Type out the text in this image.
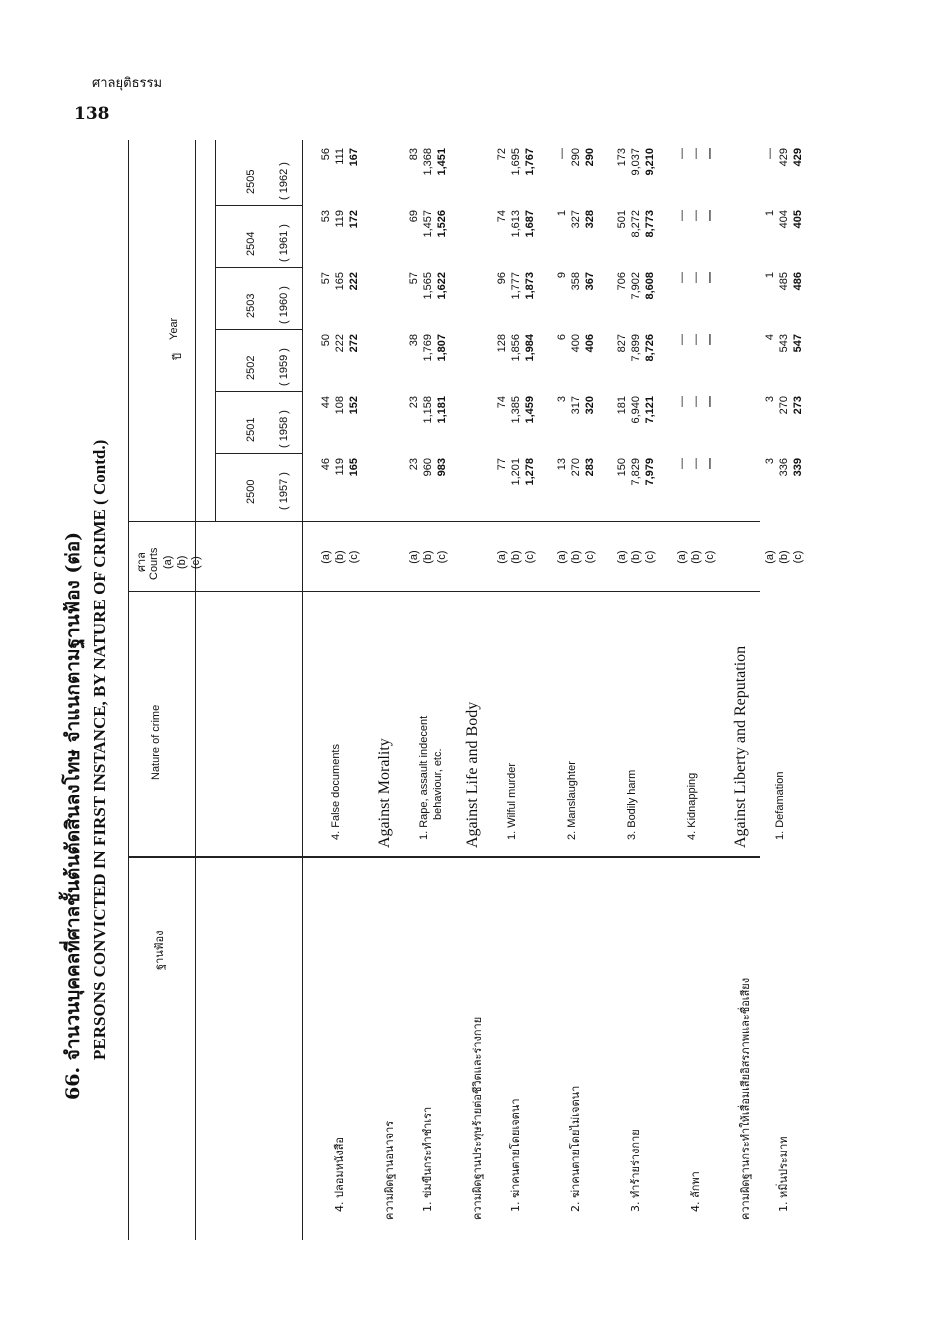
ศาลยุติธรรม
138
66. จำนวนบุคคลที่ศาลชั้นต้นตัดสินลงโทษ จำแนกตามฐานฟ้อง (ต่อ) PERSONS CONVICTED IN FIRST INSTANCE, BY NATURE OF CRIME ( Contd.)
ฐานฟ้อง
Nature of crime
ศาล Courts (a) (b) (c)
ปี
Year
2500 ( 1957 )
2501 ( 1958 )
2502 ( 1959 )
2503 ( 1960 )
2504 ( 1961 )
2505 ( 1962 )
4. ปลอมหนังสือ
4. False documents
(a) (b) (c)
46 119 165
44 108 152
50 222 272
57 165 222
53 119 172
56 111 167
ความผิดฐานอนาจาร
Against Morality
1. ข่มขืนกระทำชำเรา
1. Rape, assault indecent behaviour, etc.
(a) (b) (c)
23 960 983
23 1,158 1,181
38 1,769 1,807
57 1,565 1,622
69 1,457 1,526
83 1,368 1,451
ความผิดฐานประทุษร้ายต่อชีวิตและร่างกาย
Against Life and Body
1. ฆ่าคนตายโดยเจตนา
1. Wilful murder
(a) (b) (c)
77 1,201 1,278
74 1,385 1,459
128 1,856 1,984
96 1,777 1,873
74 1,613 1,687
72 1,695 1,767
2. ฆ่าคนตายโดยไม่เจตนา
2. Manslaughter
(a) (b) (c)
13 270 283
3 317 320
6 400 406
9 358 367
1 327 328
— 290 290
3. ทำร้ายร่างกาย
3. Bodily harm
(a) (b) (c)
150 7,829 7,979
181 6,940 7,121
827 7,899 8,726
706 7,902 8,608
501 8,272 8,773
173 9,037 9,210
4. ลักพา
4. Kidnapping
(a) (b) (c)
— — —
— — —
— — —
— — —
— — —
— — —
ความผิดฐานกระทำให้เสื่อมเสียอิสรภาพและชื่อเสียง
Against Liberty and Reputation
1. หมิ่นประมาท
1. Defamation
(a) (b) (c)
3 336 339
3 270 273
4 543 547
1 485 486
1 404 405
— 429 429
